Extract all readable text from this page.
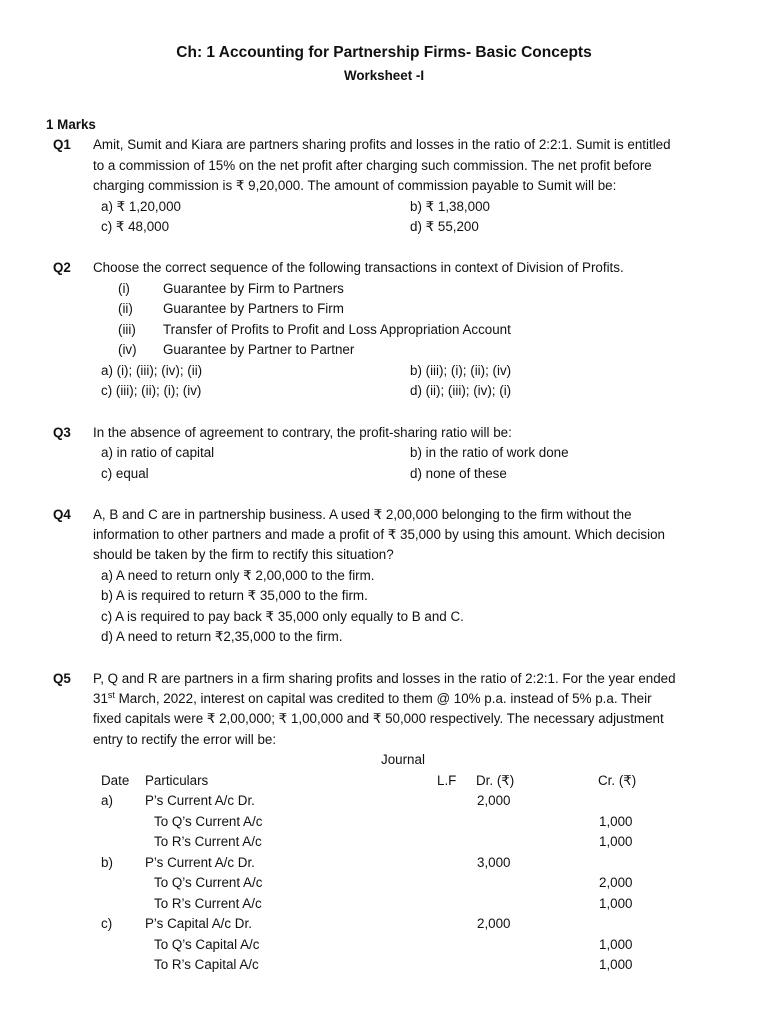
Ch: 1 Accounting for Partnership Firms- Basic Concepts
Worksheet -I
1 Marks
Q1 Amit, Sumit and Kiara are partners sharing profits and losses in the ratio of 2:2:1. Sumit is entitled
to a commission of 15% on the net profit after charging such commission. The net profit before
charging commission is ₹ 9,20,000. The amount of commission payable to Sumit will be:
a) ₹ 1,20,000	b) ₹ 1,38,000
c) ₹ 48,000	d) ₹ 55,200
Q2 Choose the correct sequence of the following transactions in context of Division of Profits.
(i) Guarantee by Firm to Partners
(ii) Guarantee by Partners to Firm
(iii) Transfer of Profits to Profit and Loss Appropriation Account
(iv) Guarantee by Partner to Partner
a) (i); (iii); (iv); (ii)	b) (iii); (i); (ii); (iv)
c) (iii); (ii); (i); (iv)	d) (ii); (iii); (iv); (i)
Q3 In the absence of agreement to contrary, the profit-sharing ratio will be:
a) in ratio of capital	b) in the ratio of work done
c) equal	d) none of these
Q4 A, B and C are in partnership business. A used ₹ 2,00,000 belonging to the firm without the
information to other partners and made a profit of ₹ 35,000 by using this amount. Which decision
should be taken by the firm to rectify this situation?
a) A need to return only ₹ 2,00,000 to the firm.
b) A is required to return ₹ 35,000 to the firm.
c) A is required to pay back ₹ 35,000 only equally to B and C.
d) A need to return ₹2,35,000 to the firm.
Q5 P, Q and R are partners in a firm sharing profits and losses in the ratio of 2:2:1. For the year ended
31st March, 2022, interest on capital was credited to them @ 10% p.a. instead of 5% p.a. Their
fixed capitals were ₹ 2,00,000; ₹ 1,00,000 and ₹ 50,000 respectively. The necessary adjustment
entry to rectify the error will be:
Journal
Date Particulars	L.F Dr. (₹)	Cr. (₹)
a) P’s Current A/c Dr.	2,000
To Q’s Current A/c	1,000
To R’s Current A/c	1,000
b) P’s Current A/c Dr.	3,000
To Q’s Current A/c	2,000
To R’s Current A/c	1,000
c) P’s Capital A/c Dr.	2,000
To Q’s Capital A/c	1,000
To R’s Capital A/c	1,000
